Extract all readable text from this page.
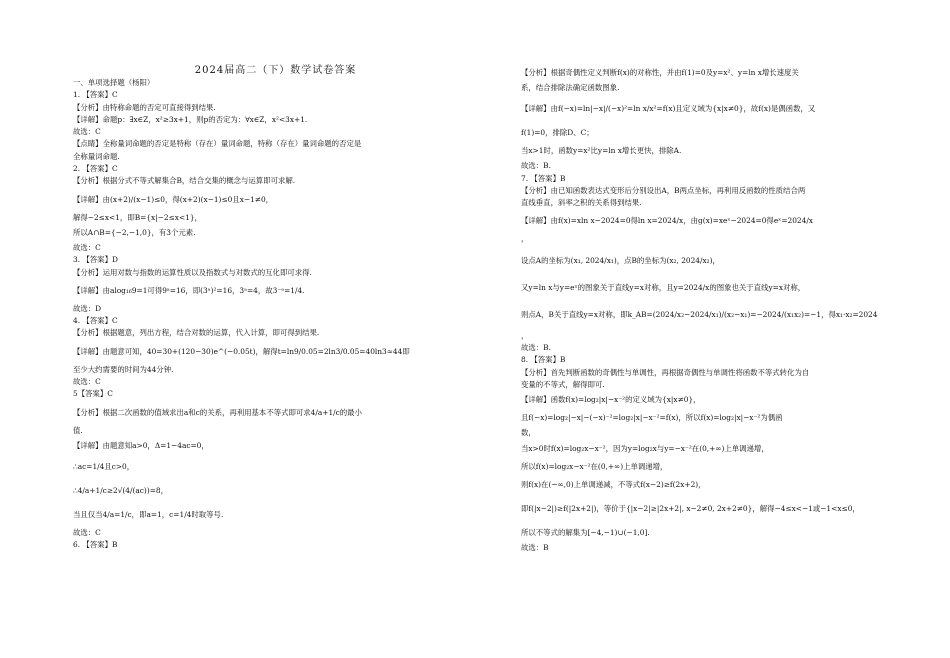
2024届高二（下）数学试卷答案
一、单项选择题（杨阳）
1. 【答案】C
【分析】由特称命题的否定可直接得到结果.
【详解】命题p：∃x∈Z，x²≥3x+1，则p的否定为：∀x∈Z，x²<3x+1.
故选：C
【点睛】全称量词命题的否定是特称（存在）量词命题，特称（存在）量词命题的否定是
全称量词命题.
2. 【答案】C
【分析】根据分式不等式解集合B，结合交集的概念与运算即可求解.
【详解】由(x+2)/(x−1)≤0，得(x+2)(x−1)≤0且x−1≠0，
解得−2≤x<1，即B={x|−2≤x<1}，
所以A∩B={−2,−1,0}，有3个元素.
故选：C
3. 【答案】D
【分析】运用对数与指数的运算性质以及指数式与对数式的互化即可求得.
【详解】由alog₁₆9=1可得9ᵃ=16，即(3ᵃ)²=16，3ᵃ=4，故3⁻ᵃ=1/4.
故选：D
4. 【答案】C
【分析】根据题意，列出方程，结合对数的运算，代入计算，即可得到结果.
【详解】由题意可知，40=30+(120−30)e^(−0.05t)，解得t=ln9/0.05=2ln3/0.05=40ln3≈44即
至少大约需要的时间为44分钟.
故选：C
5【答案】C
【分析】根据二次函数的值域求出a和c的关系，再利用基本不等式即可求4/a+1/c的最小
值.
【详解】由题意知a>0，Δ=1−4ac=0，
∴ac=1/4且c>0，
∴4/a+1/c≥2√(4/(ac))=8，
当且仅当4/a=1/c，即a=1，c=1/4时取等号.
故选：C
6. 【答案】B
【分析】根据奇偶性定义判断f(x)的对称性，并由f(1)=0及y=x²、y=ln x增长速度关
系，结合排除法确定函数图象.
【详解】由f(−x)=ln|−x|/(−x)²=ln x/x²=f(x)且定义域为{x|x≠0}，故f(x)是偶函数，又
f(1)=0，排除D、C；
当x>1时，函数y=x²比y=ln x增长更快，排除A.
故选：B.
7. 【答案】B
【分析】由已知函数表达式变形后分别设出A，B两点坐标，再利用反函数的性质结合两
直线垂直，斜率之积的关系得到结果.
【详解】由f(x)=xln x−2024=0得ln x=2024/x，由g(x)=xeˣ−2024=0得eˣ=2024/x
，
设点A的坐标为(x₁, 2024/x₁)，点B的坐标为(x₂, 2024/x₂)，
又y=ln x与y=eˣ的图象关于直线y=x对称，且y=2024/x的图象也关于直线y=x对称，
则点A，B关于直线y=x对称，即k_AB=(2024/x₂−2024/x₁)/(x₂−x₁)=−2024/(x₁x₂)=−1，得x₁·x₂=2024
，
故选：B.
8. 【答案】B
【分析】首先判断函数的奇偶性与单调性，再根据奇偶性与单调性将函数不等式转化为自
变量的不等式，解得即可.
【详解】函数f(x)=log₂|x|−x⁻²的定义域为{x|x≠0}，
且f(−x)=log₂|−x|−(−x)⁻²=log₂|x|−x⁻²=f(x)，所以f(x)=log₂|x|−x⁻²为偶函
数，
当x>0时f(x)=log₂x−x⁻²，因为y=log₂x与y=−x⁻²在(0,+∞)上单调递增，
所以f(x)=log₂x−x⁻²在(0,+∞)上单调递增，
则f(x)在(−∞,0)上单调递减，不等式f(x−2)≥f(2x+2)，
即f(|x−2|)≥f(|2x+2|)，等价于{|x−2|≥|2x+2|, x−2≠0, 2x+2≠0}，解得−4≤x<−1或−1<x≤0，
所以不等式的解集为[−4,−1)∪(−1,0].
故选：B
